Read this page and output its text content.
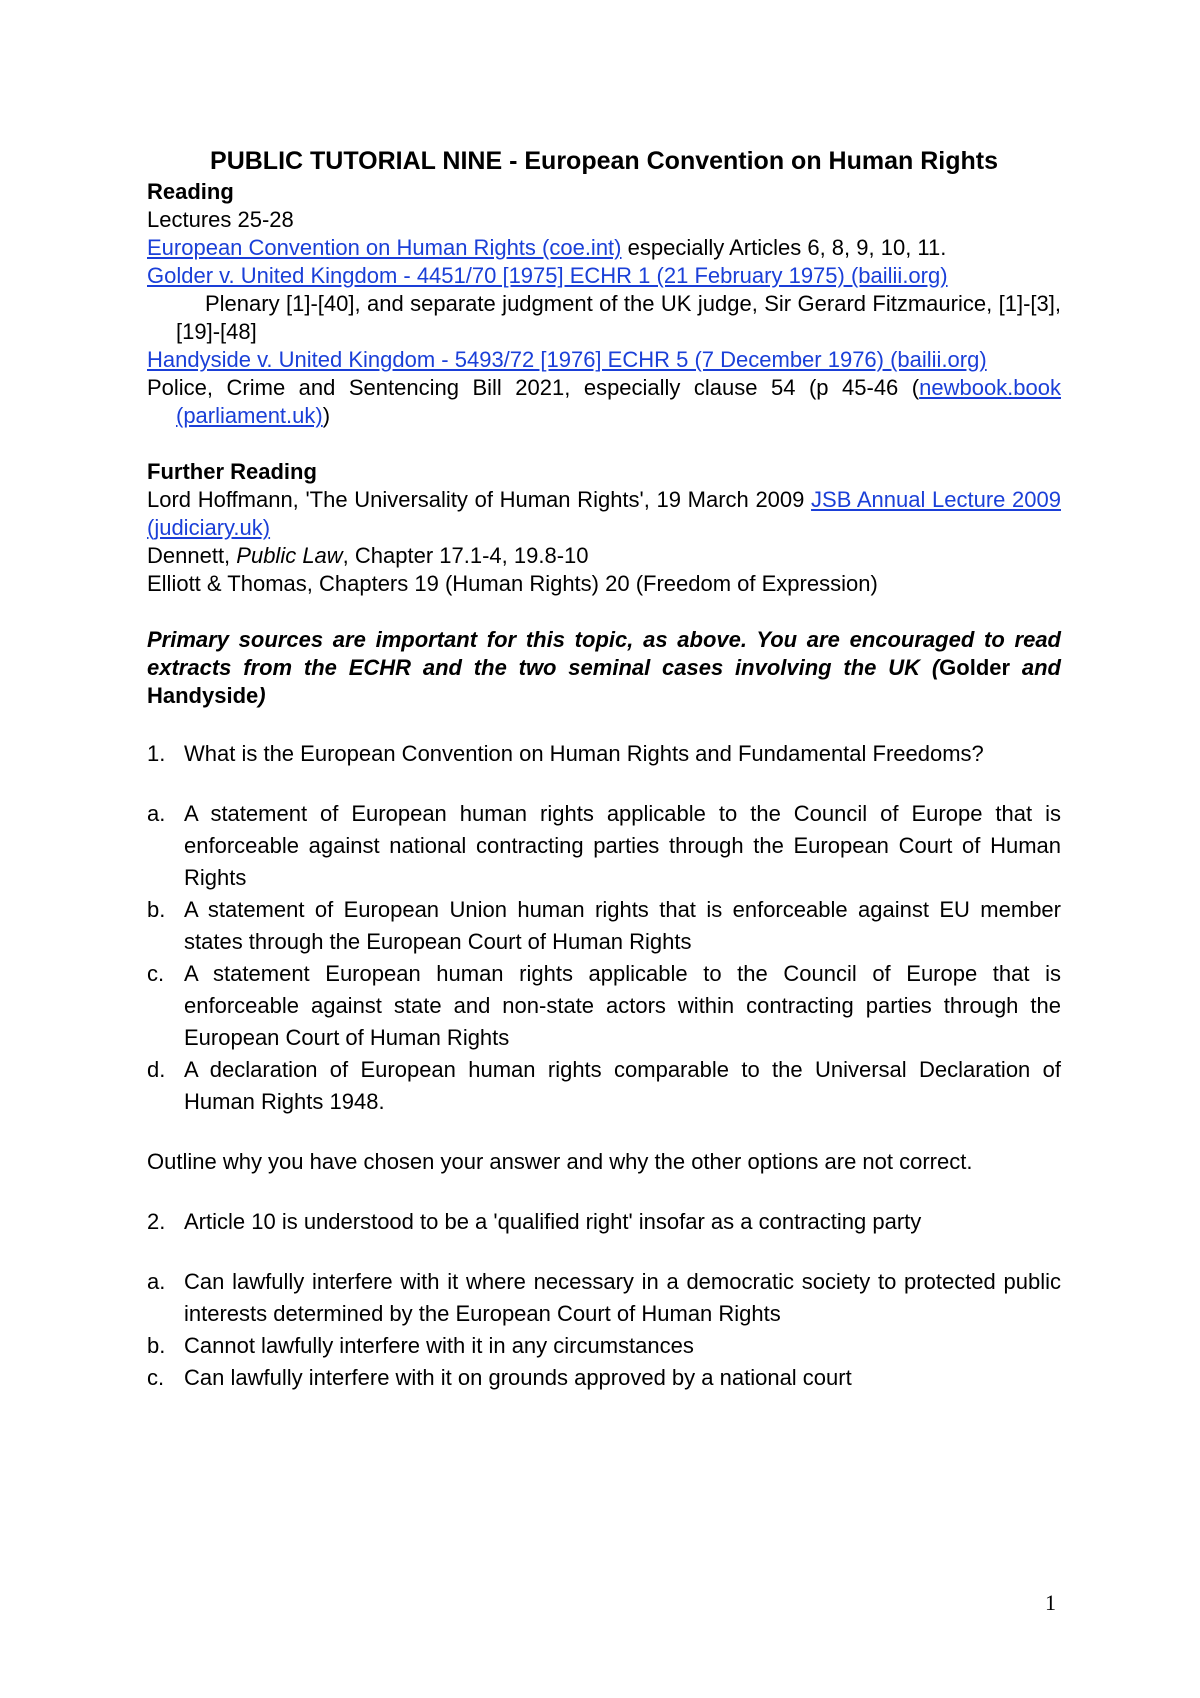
PUBLIC TUTORIAL NINE - European Convention on Human Rights
Reading
Lectures 25-28
European Convention on Human Rights (coe.int) especially Articles 6, 8, 9, 10, 11.
Golder v. United Kingdom - 4451/70 [1975] ECHR 1 (21 February 1975) (bailii.org)
Plenary [1]-[40], and separate judgment of the UK judge, Sir Gerard Fitzmaurice, [1]-[3], [19]-[48]
Handyside v. United Kingdom - 5493/72 [1976] ECHR 5 (7 December 1976) (bailii.org)
Police, Crime and Sentencing Bill 2021, especially clause 54 (p 45-46 (newbook.book (parliament.uk))
Further Reading
Lord Hoffmann, 'The Universality of Human Rights', 19 March 2009 JSB Annual Lecture 2009 (judiciary.uk)
Dennett, Public Law, Chapter 17.1-4, 19.8-10
Elliott & Thomas, Chapters 19 (Human Rights) 20 (Freedom of Expression)
Primary sources are important for this topic, as above. You are encouraged to read extracts from the ECHR and the two seminal cases involving the UK (Golder and Handyside)
1. What is the European Convention on Human Rights and Fundamental Freedoms?
a. A statement of European human rights applicable to the Council of Europe that is enforceable against national contracting parties through the European Court of Human Rights
b. A statement of European Union human rights that is enforceable against EU member states through the European Court of Human Rights
c. A statement European human rights applicable to the Council of Europe that is enforceable against state and non-state actors within contracting parties through the European Court of Human Rights
d. A declaration of European human rights comparable to the Universal Declaration of Human Rights 1948.
Outline why you have chosen your answer and why the other options are not correct.
2. Article 10 is understood to be a 'qualified right' insofar as a contracting party
a. Can lawfully interfere with it where necessary in a democratic society to protected public interests determined by the European Court of Human Rights
b. Cannot lawfully interfere with it in any circumstances
c. Can lawfully interfere with it on grounds approved by a national court
1
